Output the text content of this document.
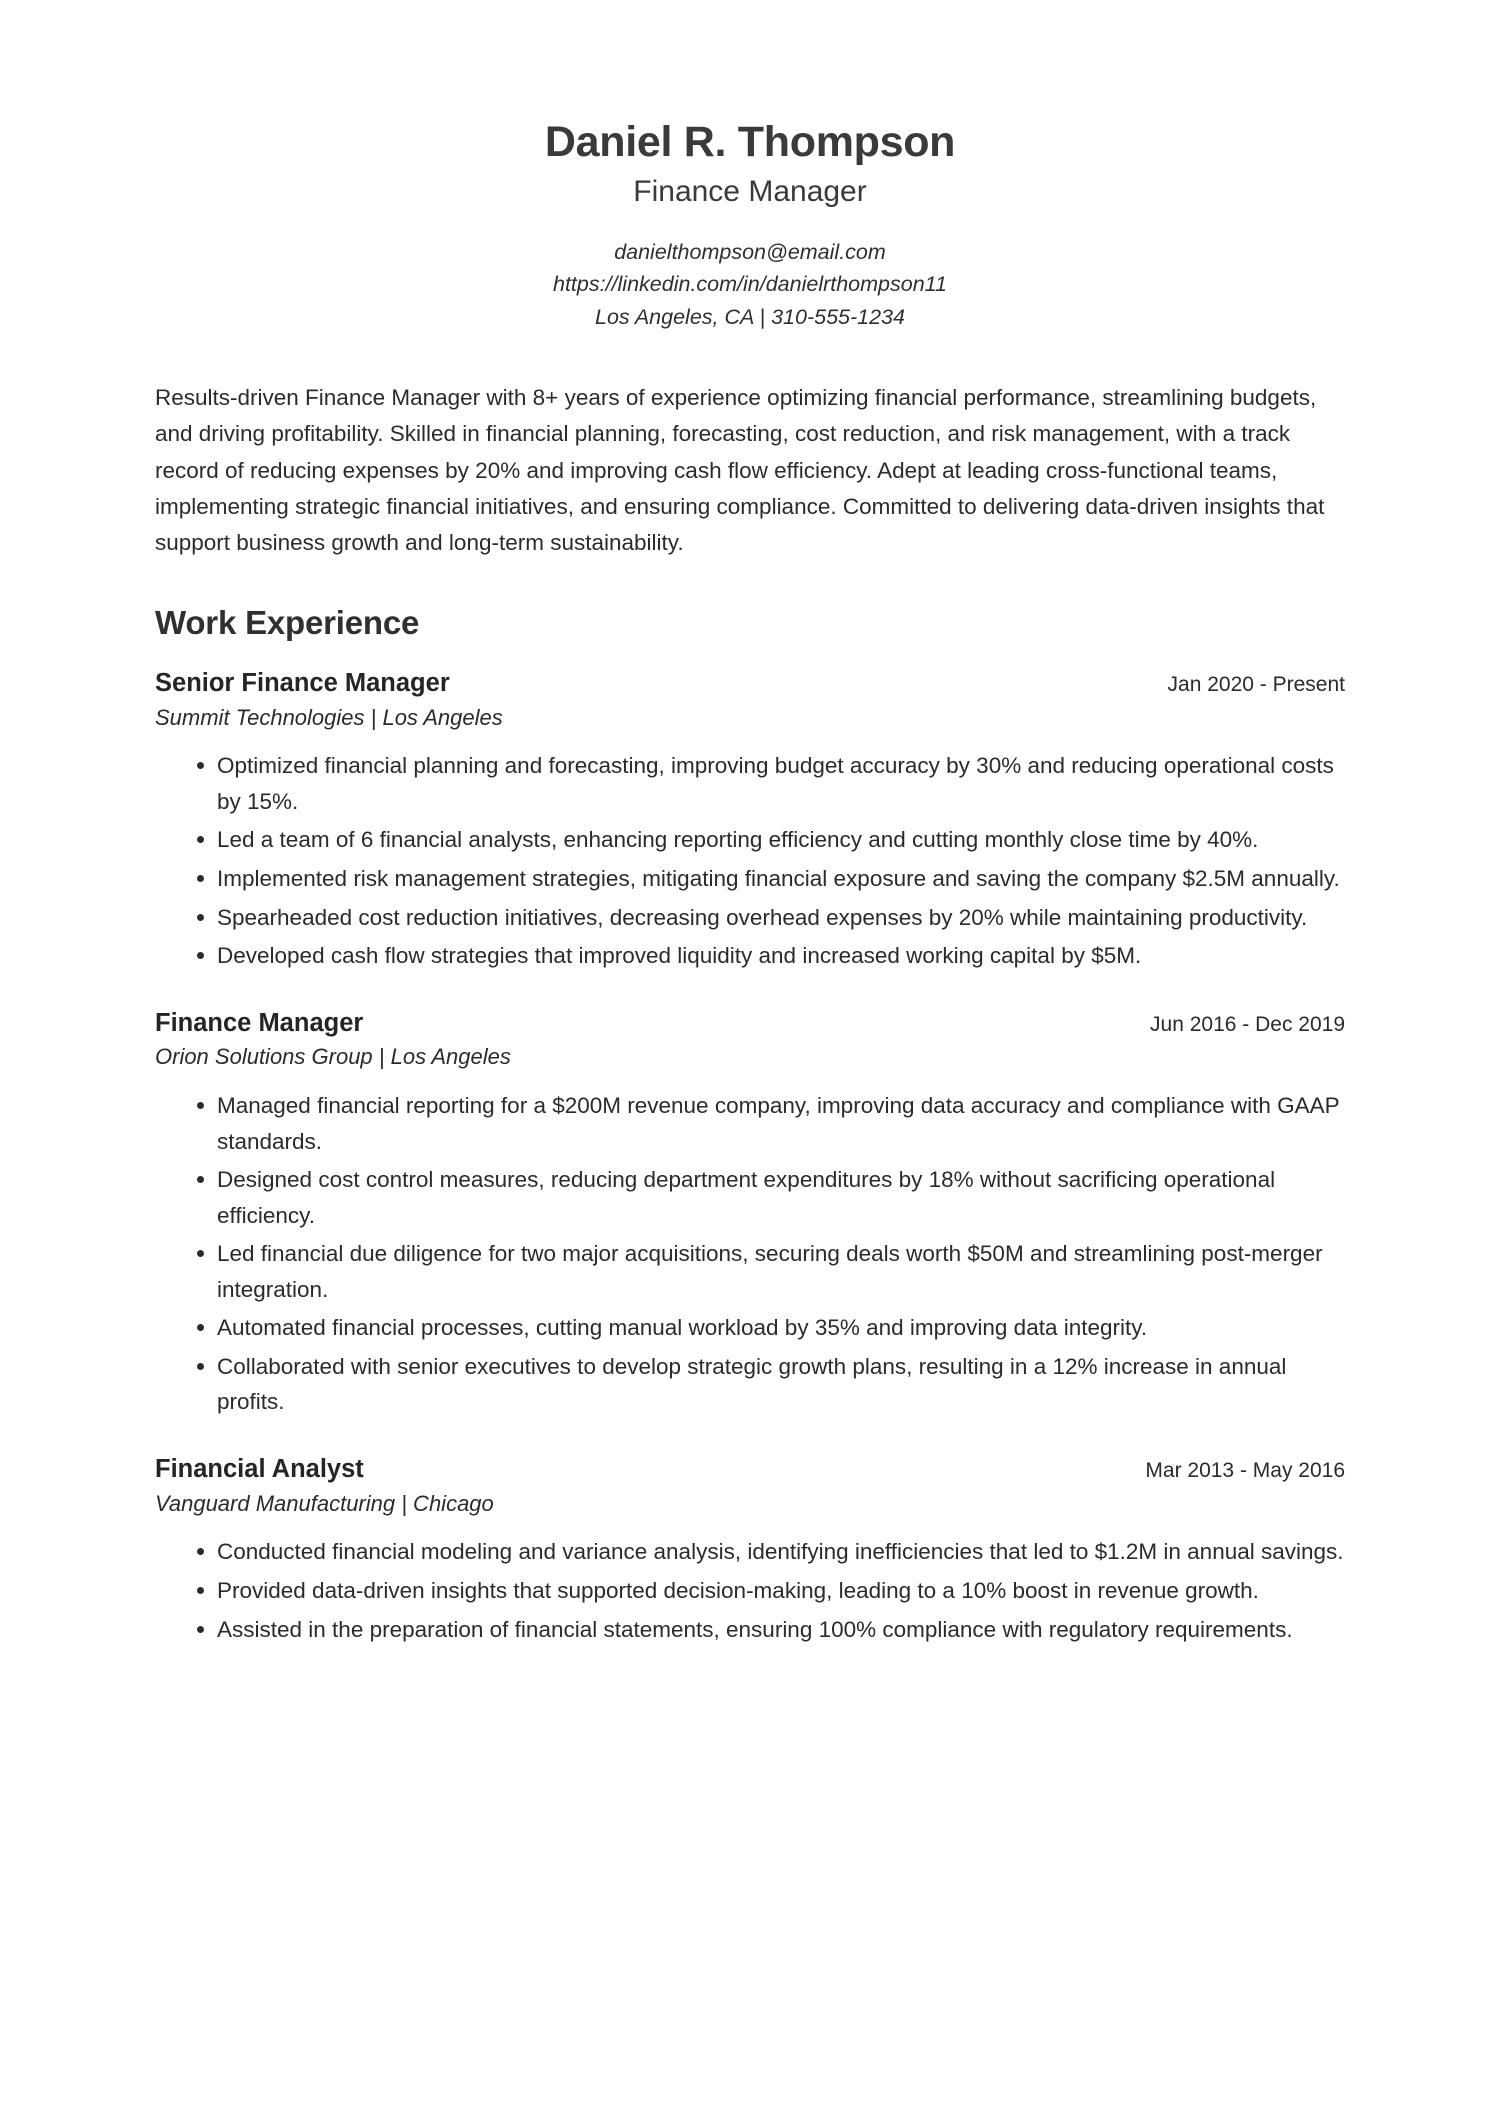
Daniel R. Thompson
Finance Manager
danielthompson@email.com
https://linkedin.com/in/danielrthompson11
Los Angeles, CA | 310-555-1234

Results-driven Finance Manager with 8+ years of experience optimizing financial performance, streamlining budgets, and driving profitability. Skilled in financial planning, forecasting, cost reduction, and risk management, with a track record of reducing expenses by 20% and improving cash flow efficiency. Adept at leading cross-functional teams, implementing strategic financial initiatives, and ensuring compliance. Committed to delivering data-driven insights that support business growth and long-term sustainability.

Work Experience
Senior Finance Manager
Summit Technologies | Los Angeles
Jan 2020 - Present
Optimized financial planning and forecasting, improving budget accuracy by 30% and reducing operational costs by 15%.
Led a team of 6 financial analysts, enhancing reporting efficiency and cutting monthly close time by 40%.
Implemented risk management strategies, mitigating financial exposure and saving the company $2.5M annually.
Spearheaded cost reduction initiatives, decreasing overhead expenses by 20% while maintaining productivity.
Developed cash flow strategies that improved liquidity and increased working capital by $5M.
Finance Manager
Orion Solutions Group | Los Angeles
Jun 2016 - Dec 2019
Managed financial reporting for a $200M revenue company, improving data accuracy and compliance with GAAP standards.
Designed cost control measures, reducing department expenditures by 18% without sacrificing operational efficiency.
Led financial due diligence for two major acquisitions, securing deals worth $50M and streamlining post-merger integration.
Automated financial processes, cutting manual workload by 35% and improving data integrity.
Collaborated with senior executives to develop strategic growth plans, resulting in a 12% increase in annual profits.
Financial Analyst
Vanguard Manufacturing | Chicago
Mar 2013 - May 2016
Conducted financial modeling and variance analysis, identifying inefficiencies that led to $1.2M in annual savings.
Provided data-driven insights that supported decision-making, leading to a 10% boost in revenue growth.
Assisted in the preparation of financial statements, ensuring 100% compliance with regulatory requirements.
